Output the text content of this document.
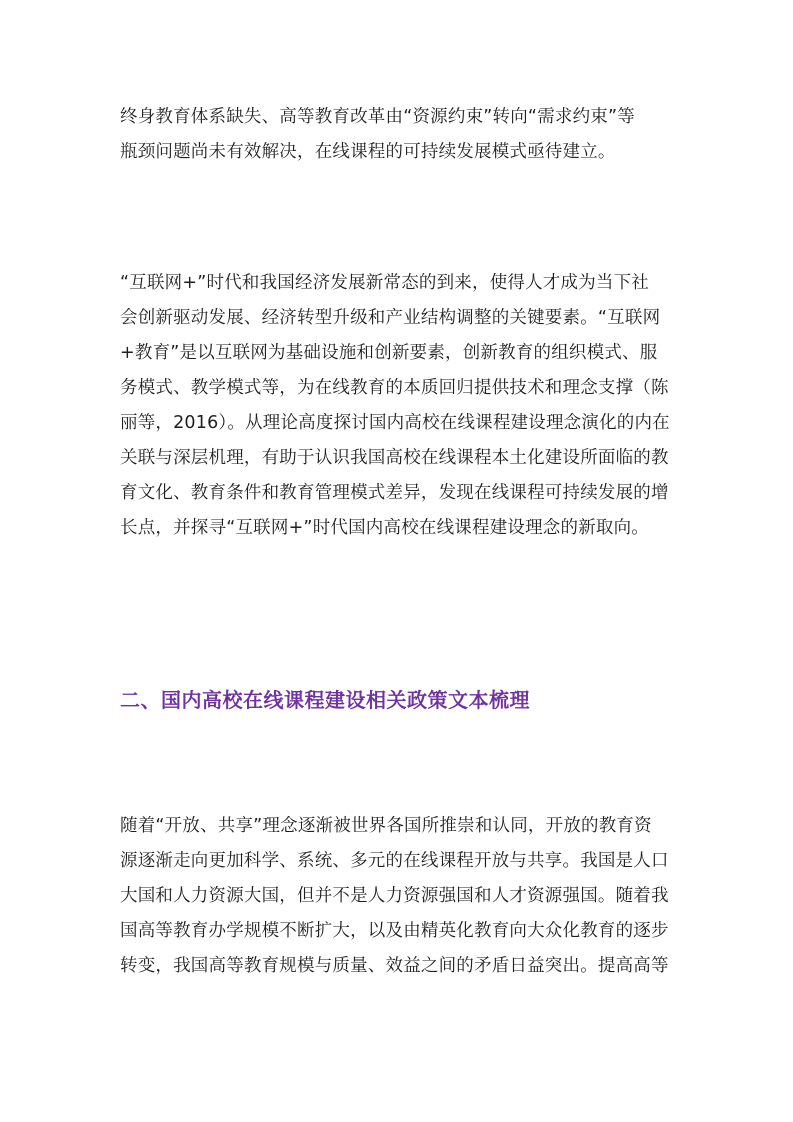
终身教育体系缺失、高等教育改革由“资源约束”转向“需求约束”等
瓶颈问题尚未有效解决，在线课程的可持续发展模式亟待建立。
“互联网+”时代和我国经济发展新常态的到来，使得人才成为当下社
会创新驱动发展、经济转型升级和产业结构调整的关键要素。“互联网
+教育”是以互联网为基础设施和创新要素，创新教育的组织模式、服
务模式、教学模式等，为在线教育的本质回归提供技术和理念支撑（陈
丽等，2016）。从理论高度探讨国内高校在线课程建设理念演化的内在
关联与深层机理，有助于认识我国高校在线课程本土化建设所面临的教
育文化、教育条件和教育管理模式差异，发现在线课程可持续发展的增
长点，并探寻“互联网+”时代国内高校在线课程建设理念的新取向。
二、国内高校在线课程建设相关政策文本梳理
随着“开放、共享”理念逐渐被世界各国所推崇和认同，开放的教育资
源逐渐走向更加科学、系统、多元的在线课程开放与共享。我国是人口
大国和人力资源大国，但并不是人力资源强国和人才资源强国。随着我
国高等教育办学规模不断扩大，以及由精英化教育向大众化教育的逐步
转变，我国高等教育规模与质量、效益之间的矛盾日益突出。提高高等
